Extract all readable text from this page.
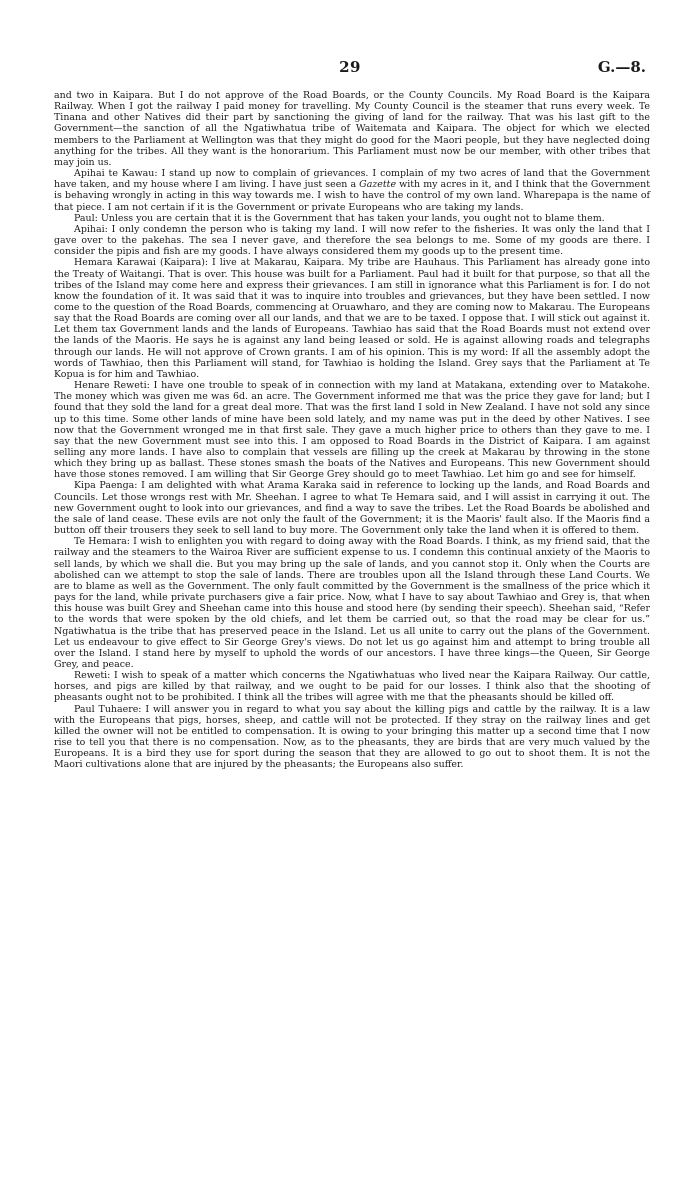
29	G.—8.

and two in Kaipara. But I do not approve of the Road Boards, or the County Councils. My Road Board is the Kaipara Railway. When I got the railway I paid money for travelling. My County Council is the steamer that runs every week. Te Tinana and other Natives did their part by sanctioning the giving of land for the railway. That was his last gift to the Government—the sanction of all the Ngatiwhatua tribe of Waitemata and Kaipara. The object for which we elected members to the Parliament at Wellington was that they might do good for the Maori people, but they have neglected doing anything for the tribes. All they want is the honorarium. This Parliament must now be our member, with other tribes that may join us.

Apihai te Kawau: I stand up now to complain of grievances. I complain of my two acres of land that the Government have taken, and my house where I am living. I have just seen a Gazette with my acres in it, and I think that the Government is behaving wrongly in acting in this way towards me. I wish to have the control of my own land. Wharepapa is the name of that piece. I am not certain if it is the Government or private Europeans who are taking my lands.

Paul: Unless you are certain that it is the Government that has taken your lands, you ought not to blame them.

Apihai: I only condemn the person who is taking my land. I will now refer to the fisheries. It was only the land that I gave over to the pakehas. The sea I never gave, and therefore the sea belongs to me. Some of my goods are there. I consider the pipis and fish are my goods. I have always considered them my goods up to the present time.

Hemara Karawai (Kaipara): I live at Makarau, Kaipara. My tribe are Hauhaus. This Parliament has already gone into the Treaty of Waitangi. That is over. This house was built for a Parliament. Paul had it built for that purpose, so that all the tribes of the Island may come here and express their grievances. I am still in ignorance what this Parliament is for. I do not know the foundation of it. It was said that it was to inquire into troubles and grievances, but they have been settled. I now come to the question of the Road Boards, commencing at Oruawharo, and they are coming now to Makarau. The Europeans say that the Road Boards are coming over all our lands, and that we are to be taxed. I oppose that. I will stick out against it. Let them tax Government lands and the lands of Europeans. Tawhiao has said that the Road Boards must not extend over the lands of the Maoris. He says he is against any land being leased or sold. He is against allowing roads and telegraphs through our lands. He will not approve of Crown grants. I am of his opinion. This is my word: If all the assembly adopt the words of Tawhiao, then this Parliament will stand, for Tawhiao is holding the Island. Grey says that the Parliament at Te Kopua is for him and Tawhiao.

Henare Reweti: I have one trouble to speak of in connection with my land at Matakana, extending over to Matakohe. The money which was given me was 6d. an acre. The Government informed me that was the price they gave for land; but I found that they sold the land for a great deal more. That was the first land I sold in New Zealand. I have not sold any since up to this time. Some other lands of mine have been sold lately, and my name was put in the deed by other Natives. I see now that the Government wronged me in that first sale. They gave a much higher price to others than they gave to me. I say that the new Government must see into this. I am opposed to Road Boards in the District of Kaipara. I am against selling any more lands. I have also to complain that vessels are filling up the creek at Makarau by throwing in the stone which they bring up as ballast. These stones smash the boats of the Natives and Europeans. This new Government should have those stones removed. I am willing that Sir George Grey should go to meet Tawhiao. Let him go and see for himself.

Kipa Paenga: I am delighted with what Arama Karaka said in reference to locking up the lands, and Road Boards and Councils. Let those wrongs rest with Mr. Sheehan. I agree to what Te Hemara said, and I will assist in carrying it out. The new Government ought to look into our grievances, and find a way to save the tribes. Let the Road Boards be abolished and the sale of land cease. These evils are not only the fault of the Government; it is the Maoris' fault also. If the Maoris find a button off their trousers they seek to sell land to buy more. The Government only take the land when it is offered to them.

Te Hemara: I wish to enlighten you with regard to doing away with the Road Boards. I think, as my friend said, that the railway and the steamers to the Wairoa River are sufficient expense to us. I condemn this continual anxiety of the Maoris to sell lands, by which we shall die. But you may bring up the sale of lands, and you cannot stop it. Only when the Courts are abolished can we attempt to stop the sale of lands. There are troubles upon all the Island through these Land Courts. We are to blame as well as the Government. The only fault committed by the Government is the smallness of the price which it pays for the land, while private purchasers give a fair price. Now, what I have to say about Tawhiao and Grey is, that when this house was built Grey and Sheehan came into this house and stood here (by sending their speech). Sheehan said, “Refer to the words that were spoken by the old chiefs, and let them be carried out, so that the road may be clear for us.” Ngatiwhatua is the tribe that has preserved peace in the Island. Let us all unite to carry out the plans of the Government. Let us endeavour to give effect to Sir George Grey's views. Do not let us go against him and attempt to bring trouble all over the Island. I stand here by myself to uphold the words of our ancestors. I have three kings—the Queen, Sir George Grey, and peace.

Reweti: I wish to speak of a matter which concerns the Ngatiwhatuas who lived near the Kaipara Railway. Our cattle, horses, and pigs are killed by that railway, and we ought to be paid for our losses. I think also that the shooting of pheasants ought not to be prohibited. I think all the tribes will agree with me that the pheasants should be killed off.

Paul Tuhaere: I will answer you in regard to what you say about the killing pigs and cattle by the railway. It is a law with the Europeans that pigs, horses, sheep, and cattle will not be protected. If they stray on the railway lines and get killed the owner will not be entitled to compensation. It is owing to your bringing this matter up a second time that I now rise to tell you that there is no compensation. Now, as to the pheasants, they are birds that are very much valued by the Europeans. It is a bird they use for sport during the season that they are allowed to go out to shoot them. It is not the Maori cultivations alone that are injured by the pheasants; the Europeans also suffer.
